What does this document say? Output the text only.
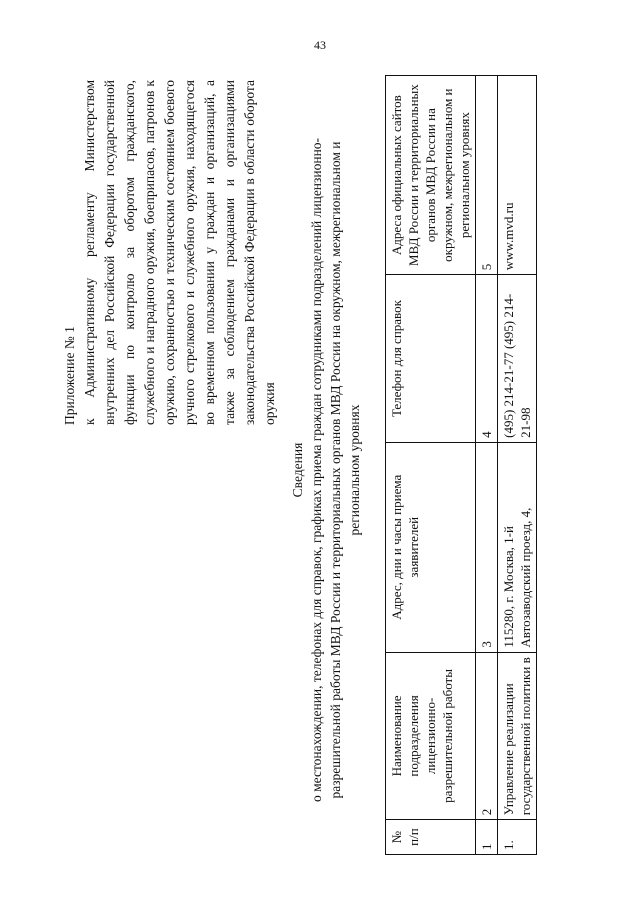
43

Приложение № 1 к Административному регламенту Министерством внутренних дел Российской Федерации государственной функции по контролю за оборотом гражданского, служебного и наградного оружия, боеприпасов, патронов к оружию, сохранностью и техническим состоянием боевого ручного стрелкового и служебного оружия, находящегося во временном пользовании у граждан и организаций, а также за соблюдением гражданами и организациями законодательства Российской Федерации в области оборота оружия

Сведения о местонахождении, телефонах для справок, графиках приема граждан сотрудниками подразделений лицензионно-разрешительной работы МВД России и территориальных органов МВД России на окружном, межрегиональном и региональном уровнях

№ п/п	Наименование подразделения лицензионно-разрешительной работы	Адрес, дни и часы приема заявителей	Телефон для справок	Адреса официальных сайтов МВД России и территориальных органов МВД России на окружном, межрегиональном и региональном уровнях
1	2	3	4	5
1.	Управление реализации государственной политики в	115280, г. Москва, 1-й Автозаводский проезд, 4,	(495) 214-21-77 (495) 214-21-98	www.mvd.ru
